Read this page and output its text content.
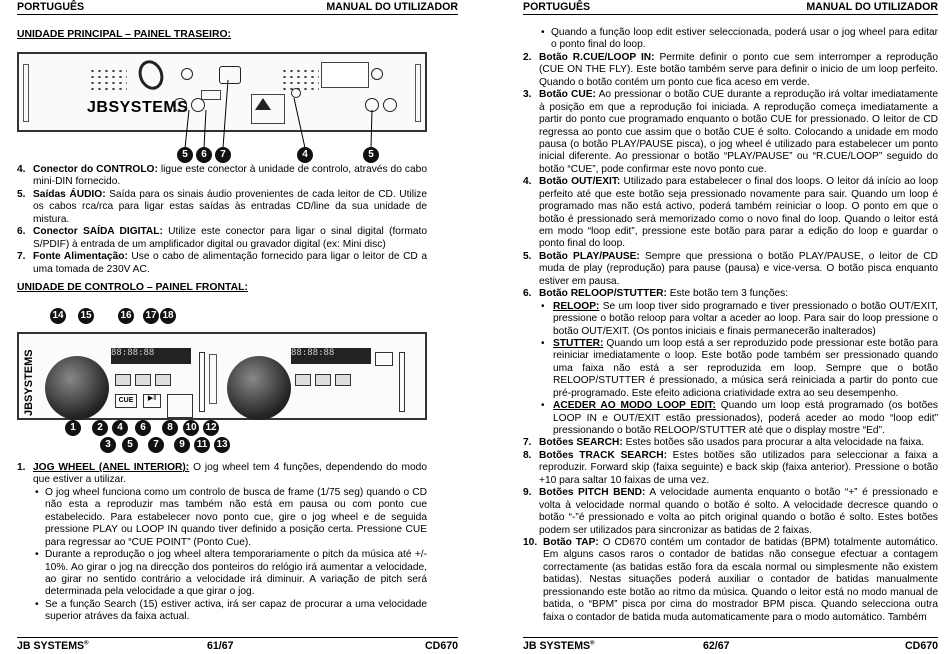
PORTUGUÊS	MANUAL DO UTILIZADOR
UNIDADE PRINCIPAL – PAINEL TRASEIRO:
JBSYSTEMS
5	6	7	4	5
4. Conector do CONTROLO: ligue este conector à unidade de controlo, através do cabo mini-DIN fornecido.
5. Saídas ÁUDIO: Saída para os sinais áudio provenientes de cada leitor de CD. Utilize os cabos rca/rca para ligar estas saídas às entradas CD/line da sua unidade de mistura.
6. Conector SAÍDA DIGITAL: Utilize este conector para ligar o sinal digital (formato S/PDIF) à entrada de um amplificador digital ou gravador digital (ex: Mini disc)
7. Fonte Alimentação: Use o cabo de alimentação fornecido para ligar o leitor de CD a uma tomada de 230V AC.
UNIDADE DE CONTROLO – PAINEL FRONTAL:
14 15	16 17 18
JBSYSTEMS	88:88:88	88:88:88
CUE	▶‖
1	2	4	6	8	10 12
3	5	7	9	11 13
1. JOG WHEEL (ANEL INTERIOR): O jog wheel tem 4 funções, dependendo do modo que estiver a utilizar.
• O jog wheel funciona como um controlo de busca de frame (1/75 seg) quando o CD não esta a reproduzir mas também não está em pausa ou com ponto cue estabelecido. Para estabelecer novo ponto cue, gire o jog wheel e de seguida pressione PLAY ou LOOP IN quando tiver definido a posição certa. Pressione CUE para regressar ao “CUE POINT” (Ponto Cue).
• Durante a reprodução o jog wheel altera temporariamente o pitch da música até +/- 10%. Ao girar o jog na direcção dos ponteiros do relógio irá aumentar a velocidade, ao girar no sentido contrário a velocidade irá diminuir. A variação de pitch será determinada pela velocidade a que girar o jog.
• Se a função Search (15) estiver activa, irá ser capaz de procurar a uma velocidade superior atráves da faixa actual.
JB SYSTEMS®	61/67	CD670
PORTUGUÊS	MANUAL DO UTILIZADOR
• Quando a função loop edit estiver seleccionada, poderá usar o jog wheel para editar o ponto final do loop.
2. Botão R.CUE/LOOP IN: Permite definir o ponto cue sem interromper a reprodução (CUE ON THE FLY). Este botão também serve para definir o inicio de um loop perfeito. Quando o botão contém um ponto cue fica aceso em verde.
3. Botão CUE: Ao pressionar o botão CUE durante a reprodução irá voltar imediatamente à posição em que a reprodução foi iniciada. A reprodução começa imediatamente a partir do ponto cue programado enquanto o botão CUE for pressionado. O leitor de CD regressa ao ponto cue assim que o botão CUE é solto. Colocando a unidade em modo pausa (o botão PLAY/PAUSE pisca), o jog wheel é utilizado para estabelecer um ponto inicial diferente. Ao pressionar o botão “PLAY/PAUSE” ou “R.CUE/LOOP” seguido do botão “CUE”, pode confirmar este novo ponto cue.
4. Botão OUT/EXIT: Utilizado para estabelecer o final dos loops. O leitor dá início ao loop perfeito até que este botão seja pressionado novamente para sair. Quando um loop é programado mas não está activo, poderá também reiniciar o loop. O ponto em que o botão é pressionado será memorizado como o novo final do loop. Quando o leitor está em modo “loop edit”, pressione este botão para parar a edição do loop e guardar o ponto final do loop.
5. Botão PLAY/PAUSE: Sempre que pressiona o botão PLAY/PAUSE, o leitor de CD muda de play (reprodução) para pause (pausa) e vice-versa. O botão pisca enquanto estiver em pausa.
6. Botão RELOOP/STUTTER: Este botão tem 3 funções:
• RELOOP: Se um loop tiver sido programado e tiver pressionado o botão OUT/EXIT, pressione o botão reloop para voltar a aceder ao loop. Para sair do loop pressione o botão OUT/EXIT. (Os pontos iniciais e finais permanecerão inalterados)
• STUTTER: Quando um loop está a ser reproduzido pode pressionar este botão para reiniciar imediatamente o loop. Este botão pode também ser pressionado quando uma faixa não está a ser reproduzida em loop. Sempre que o botão RELOOP/STUTTER é pressionado, a música será reiniciada a partir do ponto cue pré-programado. Este efeito adiciona criatividade extra ao seu desempenho.
• ACEDER AO MODO LOOP EDIT: Quando um loop está programado (os botões LOOP IN e OUT/EXIT estão pressionados), poderá aceder ao modo “loop edit” pressionando o botão RELOOP/STUTTER até que o display mostre “Ed”.
7. Botões SEARCH: Estes botões são usados para procurar a alta velocidade na faixa.
8. Botões TRACK SEARCH: Estes botões são utilizados para seleccionar a faixa a reproduzir. Forward skip (faixa seguinte) e back skip (faixa anterior). Pressione o botão +10 para saltar 10 faixas de uma vez.
9. Botões PITCH BEND: A velocidade aumenta enquanto o botão “+” é pressionado e volta à velocidade normal quando o botão é solto. A velocidade decresce quando o botão “-”é pressionado e volta ao pitch original quando o botão é solto. Estes botões podem ser utilizados para sincronizar as batidas de 2 faixas.
10. Botão TAP: O CD670 contém um contador de batidas (BPM) totalmente automático. Em alguns casos raros o contador de batidas não consegue efectuar a contagem correctamente (as batidas estão fora da escala normal ou simplesmente não existem batidas). Nestas situações poderá auxiliar o contador de batidas manualmente pressionando este botão ao ritmo da música. Quando o leitor está no modo manual de batida, o “BPM” pisca por cima do mostrador BPM pisca. Quando selecciona outra faixa o contador de batida muda automaticamente para o modo automático. Também
JB SYSTEMS®	62/67	CD670
